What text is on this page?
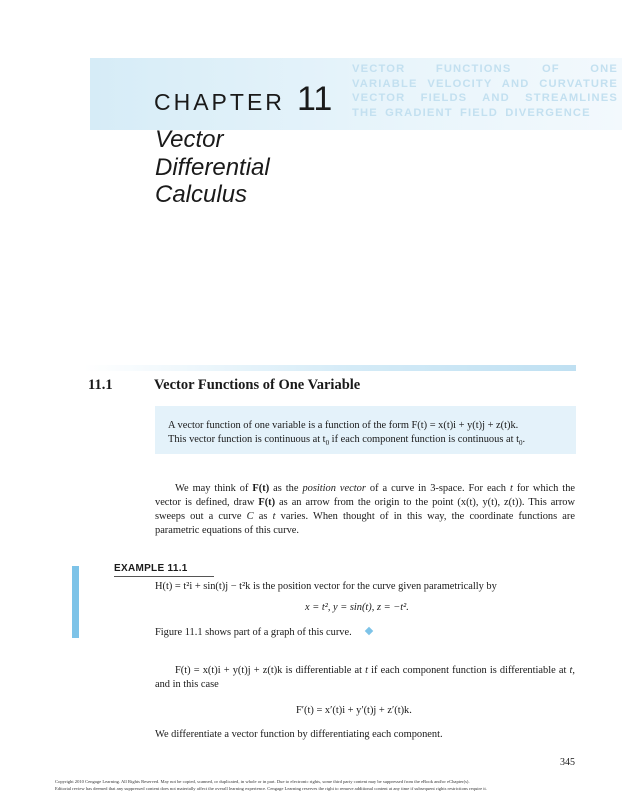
VECTOR FUNCTIONS OF ONE VARIABLE VELOCITY AND CURVATURE VECTOR FIELDS AND STREAMLINES THE GRADIENT FIELD DIVERGENCE
CHAPTER 11
Vector
Differential
Calculus
11.1	Vector Functions of One Variable
A vector function of one variable is a function of the form F(t) = x(t)i + y(t)j + z(t)k.
This vector function is continuous at $t_0$ if each component function is continuous at $t_0$.
We may think of F(t) as the position vector of a curve in 3-space. For each t for which the vector is defined, draw F(t) as an arrow from the origin to the point (x(t), y(t), z(t)). This arrow sweeps out a curve C as t varies. When thought of in this way, the coordinate functions are parametric equations of this curve.
EXAMPLE 11.1
H(t) = t²i + sin(t)j − t²k is the position vector for the curve given parametrically by
x = t², y = sin(t), z = −t².
Figure 11.1 shows part of a graph of this curve.
F(t) = x(t)i + y(t)j + z(t)k is differentiable at t if each component function is differentiable at t, and in this case
F′(t) = x′(t)i + y′(t)j + z′(t)k.
We differentiate a vector function by differentiating each component.
345
Copyright 2010 Cengage Learning. All Rights Reserved. May not be copied, scanned, or duplicated, in whole or in part. Due to electronic rights, some third party content may be suppressed from the eBook and/or eChapter(s).
Editorial review has deemed that any suppressed content does not materially affect the overall learning experience. Cengage Learning reserves the right to remove additional content at any time if subsequent rights restrictions require it.
